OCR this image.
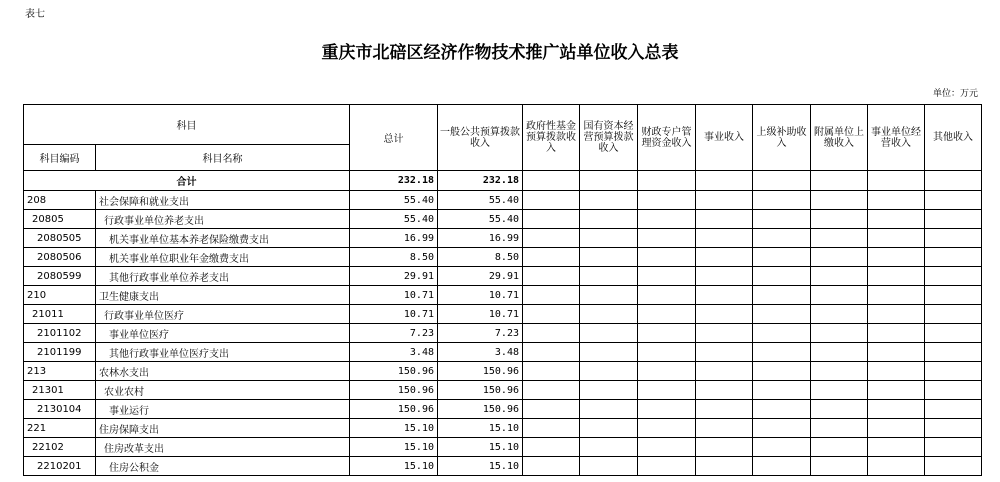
表七
重庆市北碚区经济作物技术推广站单位收入总表
单位：万元
科目		总计	一般公共预算拨款收入	政府性基金预算拨款收入	国有资本经营预算拨款收入	财政专户管理资金收入	事业收入	上级补助收入	附属单位上缴收入	事业单位经营收入	其他收入
科目编码	科目名称										
合计		232.18	232.18								
208	社会保障和就业支出	55.40	55.40								
20805	行政事业单位养老支出	55.40	55.40								
2080505	机关事业单位基本养老保险缴费支出	16.99	16.99								
2080506	机关事业单位职业年金缴费支出	8.50	8.50								
2080599	其他行政事业单位养老支出	29.91	29.91								
210	卫生健康支出	10.71	10.71								
21011	行政事业单位医疗	10.71	10.71								
2101102	事业单位医疗	7.23	7.23								
2101199	其他行政事业单位医疗支出	3.48	3.48								
213	农林水支出	150.96	150.96								
21301	农业农村	150.96	150.96								
2130104	事业运行	150.96	150.96								
221	住房保障支出	15.10	15.10								
22102	住房改革支出	15.10	15.10								
2210201	住房公积金	15.10	15.10								
